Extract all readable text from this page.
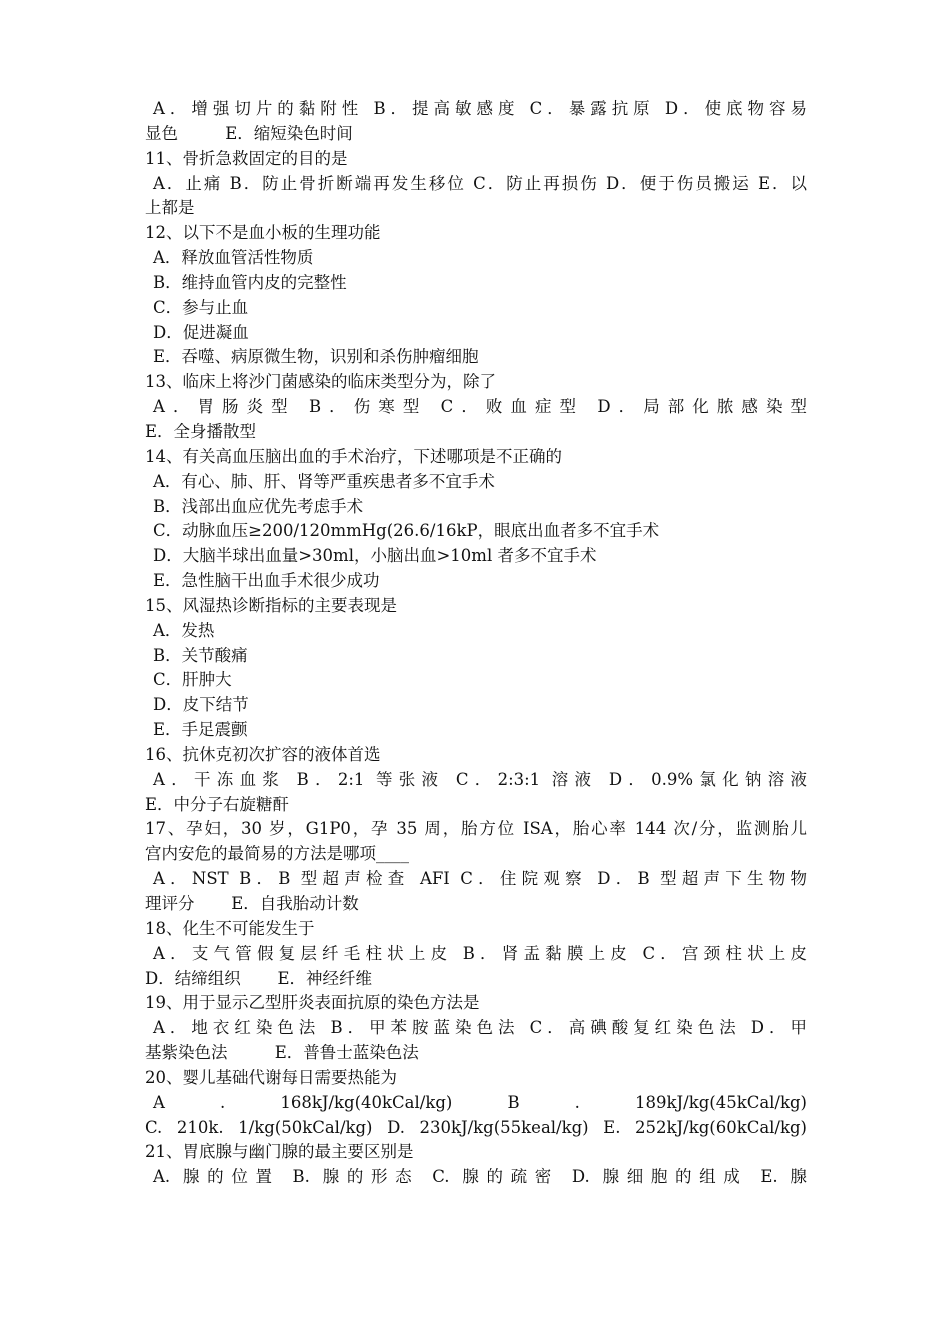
A．增强切片的黏附性 B．提高敏感度 C．暴露抗原 D．使底物容易
显色         E．缩短染色时间
11、骨折急救固定的目的是
A．止痛 B．防止骨折断端再发生移位 C．防止再损伤 D．便于伤员搬运 E．以
上都是
12、以下不是血小板的生理功能
A．释放血管活性物质
B．维持血管内皮的完整性
C．参与止血
D．促进凝血
E．吞噬、病原微生物，识别和杀伤肿瘤细胞
13、临床上将沙门菌感染的临床类型分为，除了
A．胃肠炎型 B．伤寒型 C．败血症型 D．局部化脓感染型
E．全身播散型
14、有关高血压脑出血的手术治疗，下述哪项是不正确的
A．有心、肺、肝、肾等严重疾患者多不宜手术
B．浅部出血应优先考虑手术
C．动脉血压≥200/120mmHg(26.6/16kP，眼底出血者多不宜手术
D．大脑半球出血量>30ml，小脑出血>10ml 者多不宜手术
E．急性脑干出血手术很少成功
15、风湿热诊断指标的主要表现是
A．发热
B．关节酸痛
C．肝肿大
D．皮下结节
E．手足震颤
16、抗休克初次扩容的液体首选
A．干冻血浆 B．2:1 等张液 C．2:3:1 溶液 D．0.9%氯化钠溶液
E．中分子右旋糖酐
17、孕妇，30 岁，G1P0，孕 35 周，胎方位 ISA，胎心率 144 次/分，监测胎儿
宫内安危的最简易的方法是哪项____
A．NST B．B 型超声检查 AFI C．住院观察 D．B 型超声下生物物
理评分       E．自我胎动计数
18、化生不可能发生于
A．支气管假复层纤毛柱状上皮 B．肾盂黏膜上皮 C．宫颈柱状上皮
D．结缔组织       E．神经纤维
19、用于显示乙型肝炎表面抗原的染色方法是
A．地衣红染色法 B．甲苯胺蓝染色法 C．高碘酸复红染色法 D．甲
基紫染色法         E．普鲁士蓝染色法
20、婴儿基础代谢每日需要热能为
A . 168kJ/kg(40kCal/kg) B . 189kJ/kg(45kCal/kg)
C. 210k. 1/kg(50kCal/kg) D. 230kJ/kg(55keal/kg) E. 252kJ/kg(60kCal/kg)
21、胃底腺与幽门腺的最主要区别是
A. 腺的位置 B. 腺的形态 C. 腺的疏密 D. 腺细胞的组成 E. 腺
